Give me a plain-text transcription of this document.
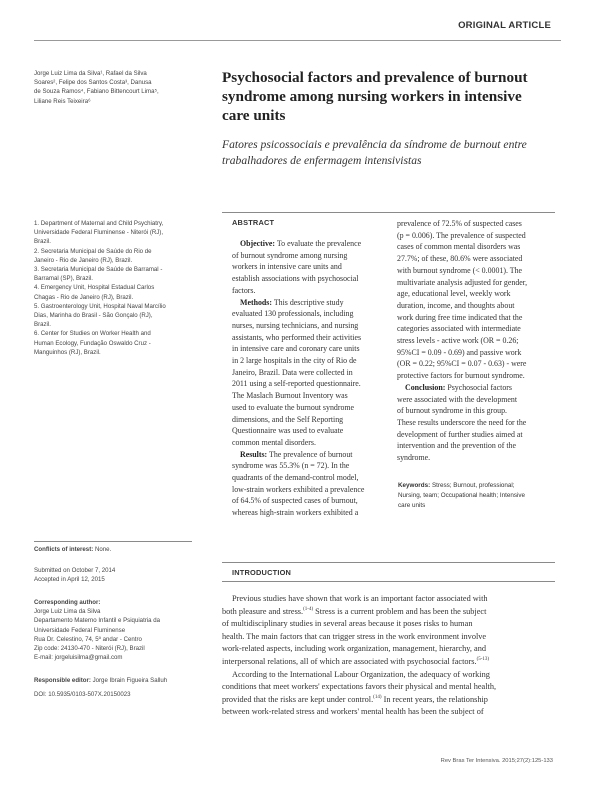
ORIGINAL ARTICLE
Jorge Luiz Lima da Silva¹, Rafael da Silva
Soares², Felipe dos Santos Costa³, Danusa
de Souza Ramos⁴, Fabiano Bittencourt Lima⁵,
Liliane Reis Teixeira⁶
Psychosocial factors and prevalence of burnout syndrome among nursing workers in intensive care units
Fatores psicossociais e prevalência da síndrome de burnout entre trabalhadores de enfermagem intensivistas
1. Department of Maternal and Child Psychiatry,
Universidade Federal Fluminense - Niterói (RJ),
Brazil.
2. Secretaria Municipal de Saúde do Rio de
Janeiro - Rio de Janeiro (RJ), Brazil.
3. Secretaria Municipal de Saúde de Barramal -
Barramal (SP), Brazil.
4. Emergency Unit, Hospital Estadual Carlos
Chagas - Rio de Janeiro (RJ), Brazil.
5. Gastroenterology Unit, Hospital Naval Marcílio
Dias, Marinha do Brasil - São Gonçalo (RJ),
Brazil.
6. Center for Studies on Worker Health and
Human Ecology, Fundação Oswaldo Cruz -
Manguinhos (RJ), Brazil.
ABSTRACT
Objective: To evaluate the prevalence
of burnout syndrome among nursing
workers in intensive care units and
establish associations with psychosocial
factors.
Methods: This descriptive study
evaluated 130 professionals, including
nurses, nursing technicians, and nursing
assistants, who performed their activities
in intensive care and coronary care units
in 2 large hospitals in the city of Rio de
Janeiro, Brazil. Data were collected in
2011 using a self-reported questionnaire.
The Maslach Burnout Inventory was
used to evaluate the burnout syndrome
dimensions, and the Self Reporting
Questionnaire was used to evaluate
common mental disorders.
Results: The prevalence of burnout
syndrome was 55.3% (n = 72). In the
quadrants of the demand-control model,
low-strain workers exhibited a prevalence
of 64.5% of suspected cases of burnout,
whereas high-strain workers exhibited a
prevalence of 72.5% of suspected cases
(p = 0.006). The prevalence of suspected
cases of common mental disorders was
27.7%; of these, 80.6% were associated
with burnout syndrome (< 0.0001). The
multivariate analysis adjusted for gender,
age, educational level, weekly work
duration, income, and thoughts about
work during free time indicated that the
categories associated with intermediate
stress levels - active work (OR = 0.26;
95%CI = 0.09 - 0.69) and passive work
(OR = 0.22; 95%CI = 0.07 - 0.63) - were
protective factors for burnout syndrome.
Conclusion: Psychosocial factors
were associated with the development
of burnout syndrome in this group.
These results underscore the need for the
development of further studies aimed at
intervention and the prevention of the
syndrome.
Keywords: Stress; Burnout, professional;
Nursing, team; Occupational health; Intensive
care units
Conflicts of interest: None.
Submitted on October 7, 2014
Accepted in April 12, 2015
Corresponding author:
Jorge Luiz Lima da Silva
Departamento Materno Infantil e Psiquiatria da
Universidade Federal Fluminense
Rua Dr. Celestino, 74, 5º andar - Centro
Zip code: 24130-470 - Niterói (RJ), Brazil
E-mail: jorgeluisilma@gmail.com
Responsible editor: Jorge Ibrain Figueira Salluh
DOI: 10.5935/0103-507X.20150023
INTRODUCTION
Previous studies have shown that work is an important factor associated with
both pleasure and stress.$^{(1-4)}$ Stress is a current problem and has been the subject
of multidisciplinary studies in several areas because it poses risks to human
health. The main factors that can trigger stress in the work environment involve
work-related aspects, including work organization, management, hierarchy, and
interpersonal relations, all of which are associated with psychosocial factors.$^{(5-13)}$
According to the International Labour Organization, the adequacy of working
conditions that meet workers' expectations favors their physical and mental health,
provided that the risks are kept under control.$^{(14)}$ In recent years, the relationship
between work-related stress and workers' mental health has been the subject of
Rev Bras Ter Intensiva. 2015;27(2):125-133
